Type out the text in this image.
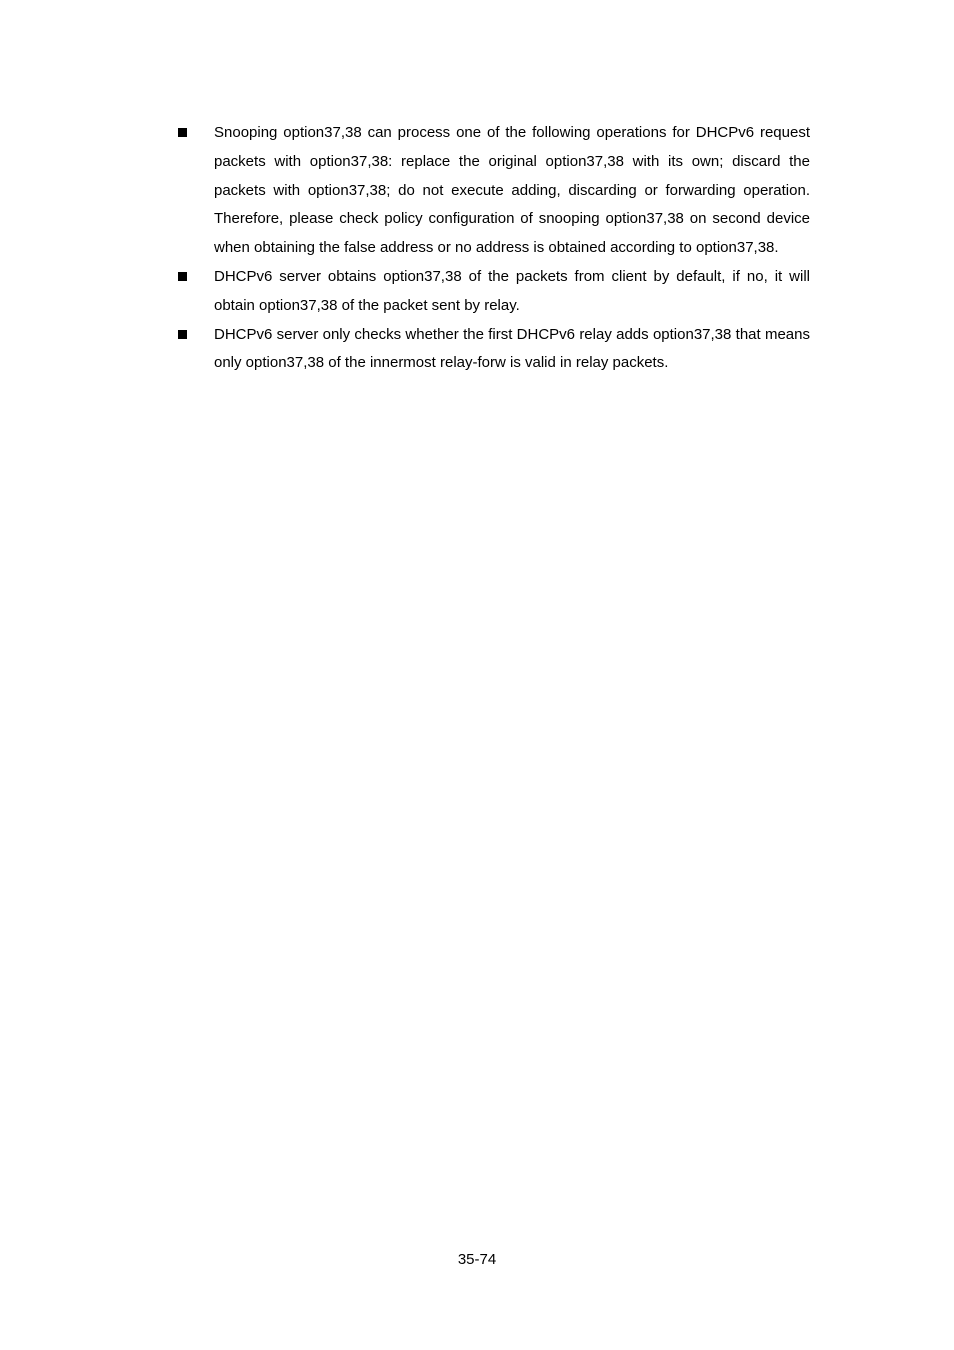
Snooping option37,38 can process one of the following operations for DHCPv6 request packets with option37,38: replace the original option37,38 with its own; discard the packets with option37,38; do not execute adding, discarding or forwarding operation. Therefore, please check policy configuration of snooping option37,38 on second device when obtaining the false address or no address is obtained according to option37,38.
DHCPv6 server obtains option37,38 of the packets from client by default, if no, it will obtain option37,38 of the packet sent by relay.
DHCPv6 server only checks whether the first DHCPv6 relay adds option37,38 that means only option37,38 of the innermost relay-forw is valid in relay packets.
35-74
